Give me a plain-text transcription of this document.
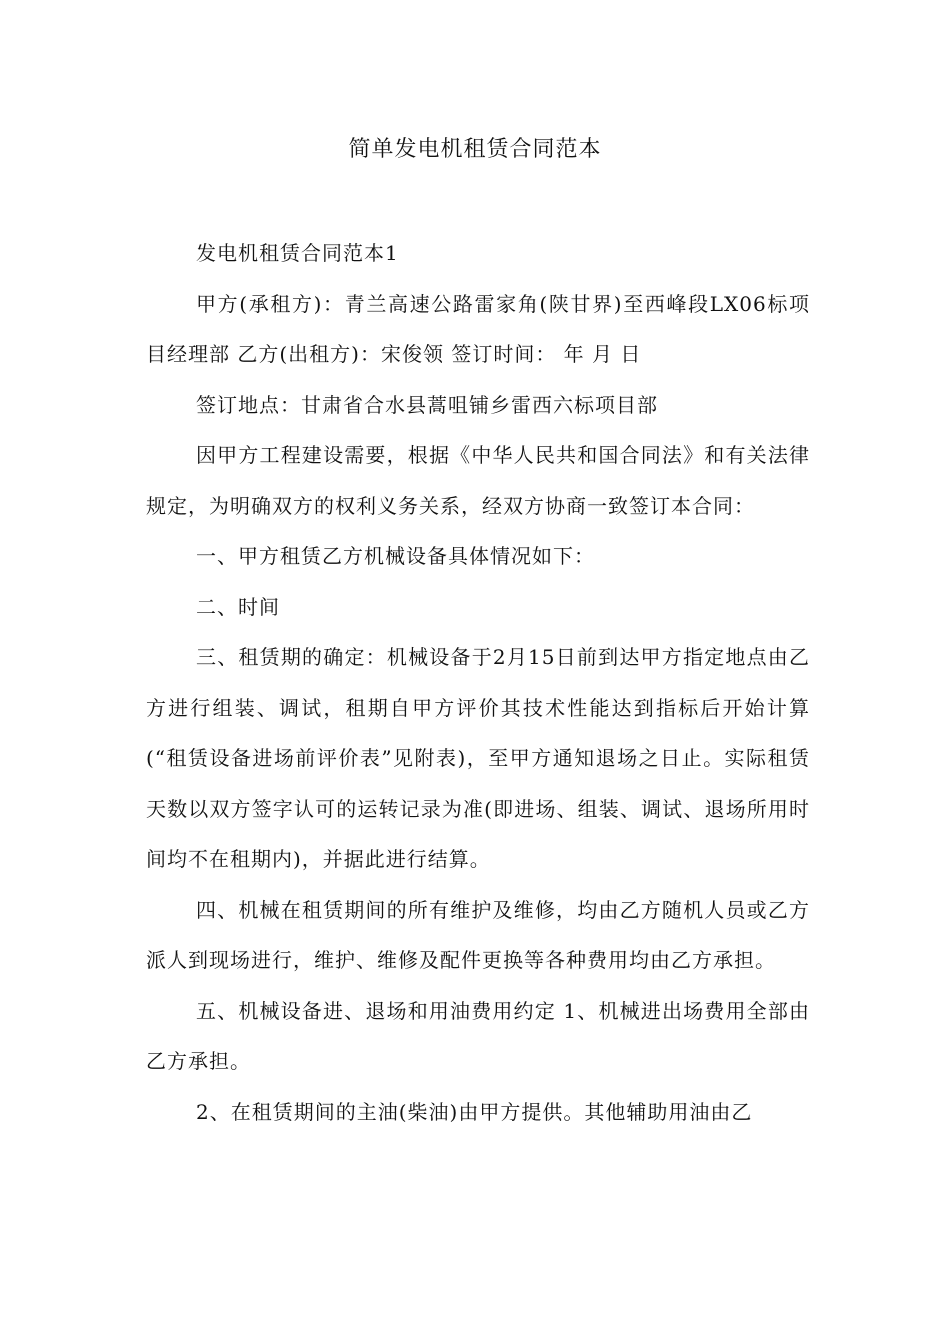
简单发电机租赁合同范本

发电机租赁合同范本1

甲方(承租方)：青兰高速公路雷家角(陕甘界)至西峰段LX06标项目经理部 乙方(出租方)：宋俊领 签订时间： 年 月 日

签订地点：甘肃省合水县蒿咀铺乡雷西六标项目部

因甲方工程建设需要，根据《中华人民共和国合同法》和有关法律规定，为明确双方的权利义务关系，经双方协商一致签订本合同：

一、甲方租赁乙方机械设备具体情况如下：

二、时间

三、租赁期的确定：机械设备于2月15日前到达甲方指定地点由乙方进行组装、调试，租期自甲方评价其技术性能达到指标后开始计算(“租赁设备进场前评价表”见附表)，至甲方通知退场之日止。实际租赁天数以双方签字认可的运转记录为准(即进场、组装、调试、退场所用时间均不在租期内)，并据此进行结算。

四、机械在租赁期间的所有维护及维修，均由乙方随机人员或乙方派人到现场进行，维护、维修及配件更换等各种费用均由乙方承担。

五、机械设备进、退场和用油费用约定 1、机械进出场费用全部由乙方承担。

2、在租赁期间的主油(柴油)由甲方提供。其他辅助用油由乙
